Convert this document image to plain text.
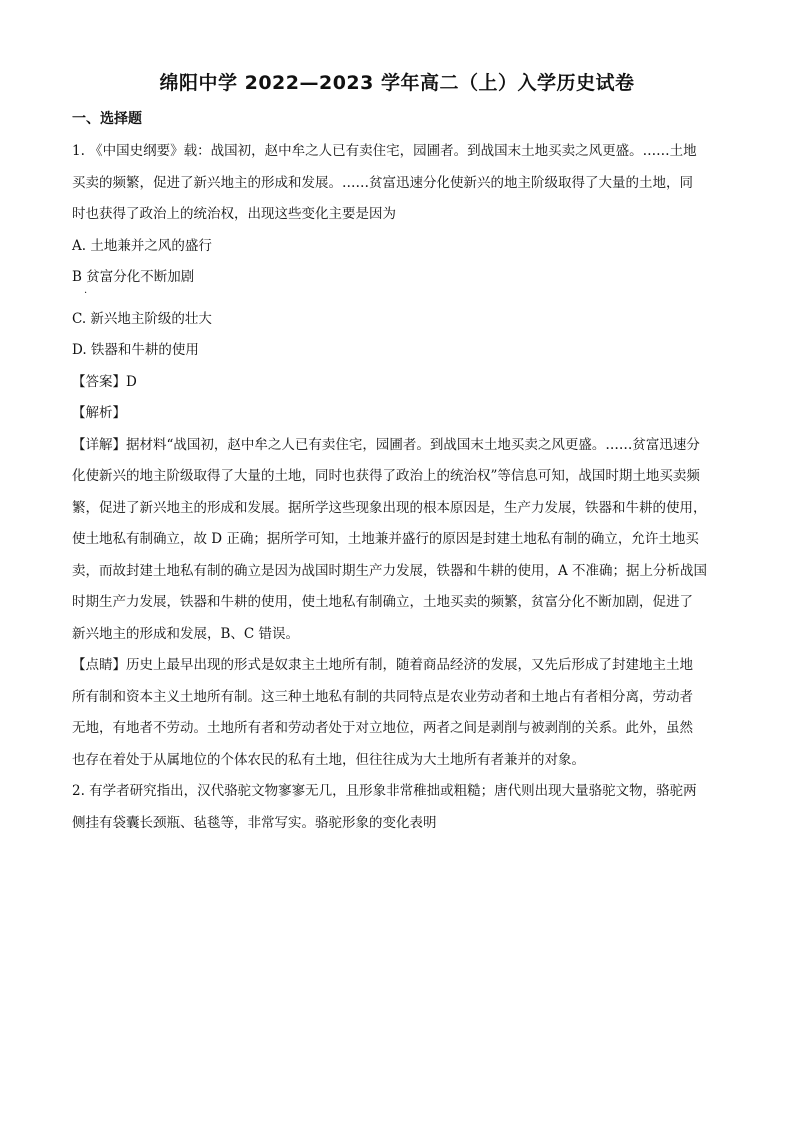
绵阳中学 2022—2023 学年高二（上）入学历史试卷
一、选择题
1. 《中国史纲要》载：战国初，赵中牟之人已有卖住宅，园圃者。到战国末土地买卖之风更盛。……土地
买卖的频繁，促进了新兴地主的形成和发展。……贫富迅速分化使新兴的地主阶级取得了大量的土地，同
时也获得了政治上的统治权，出现这些变化主要是因为
A. 土地兼并之风的盛行
B 贫富分化不断加剧
.
C. 新兴地主阶级的壮大
D. 铁器和牛耕的使用
【答案】D
【解析】
【详解】据材料“战国初，赵中牟之人已有卖住宅，园圃者。到战国末土地买卖之风更盛。……贫富迅速分
化使新兴的地主阶级取得了大量的土地，同时也获得了政治上的统治权”等信息可知，战国时期土地买卖频
繁，促进了新兴地主的形成和发展。据所学这些现象出现的根本原因是，生产力发展，铁器和牛耕的使用，
使土地私有制确立，故 D 正确；据所学可知，土地兼并盛行的原因是封建土地私有制的确立，允许土地买
卖，而故封建土地私有制的确立是因为战国时期生产力发展，铁器和牛耕的使用，A 不准确；据上分析战国
时期生产力发展，铁器和牛耕的使用，使土地私有制确立，土地买卖的频繁，贫富分化不断加剧，促进了
新兴地主的形成和发展，B、C 错误。
【点睛】历史上最早出现的形式是奴隶主土地所有制，随着商品经济的发展，又先后形成了封建地主土地
所有制和资本主义土地所有制。这三种土地私有制的共同特点是农业劳动者和土地占有者相分离，劳动者
无地，有地者不劳动。土地所有者和劳动者处于对立地位，两者之间是剥削与被剥削的关系。此外，虽然
也存在着处于从属地位的个体农民的私有土地，但往往成为大土地所有者兼并的对象。
2. 有学者研究指出，汉代骆驼文物寥寥无几，且形象非常稚拙或粗糙；唐代则出现大量骆驼文物，骆驼两
侧挂有袋囊长颈瓶、毡毯等，非常写实。骆驼形象的变化表明
